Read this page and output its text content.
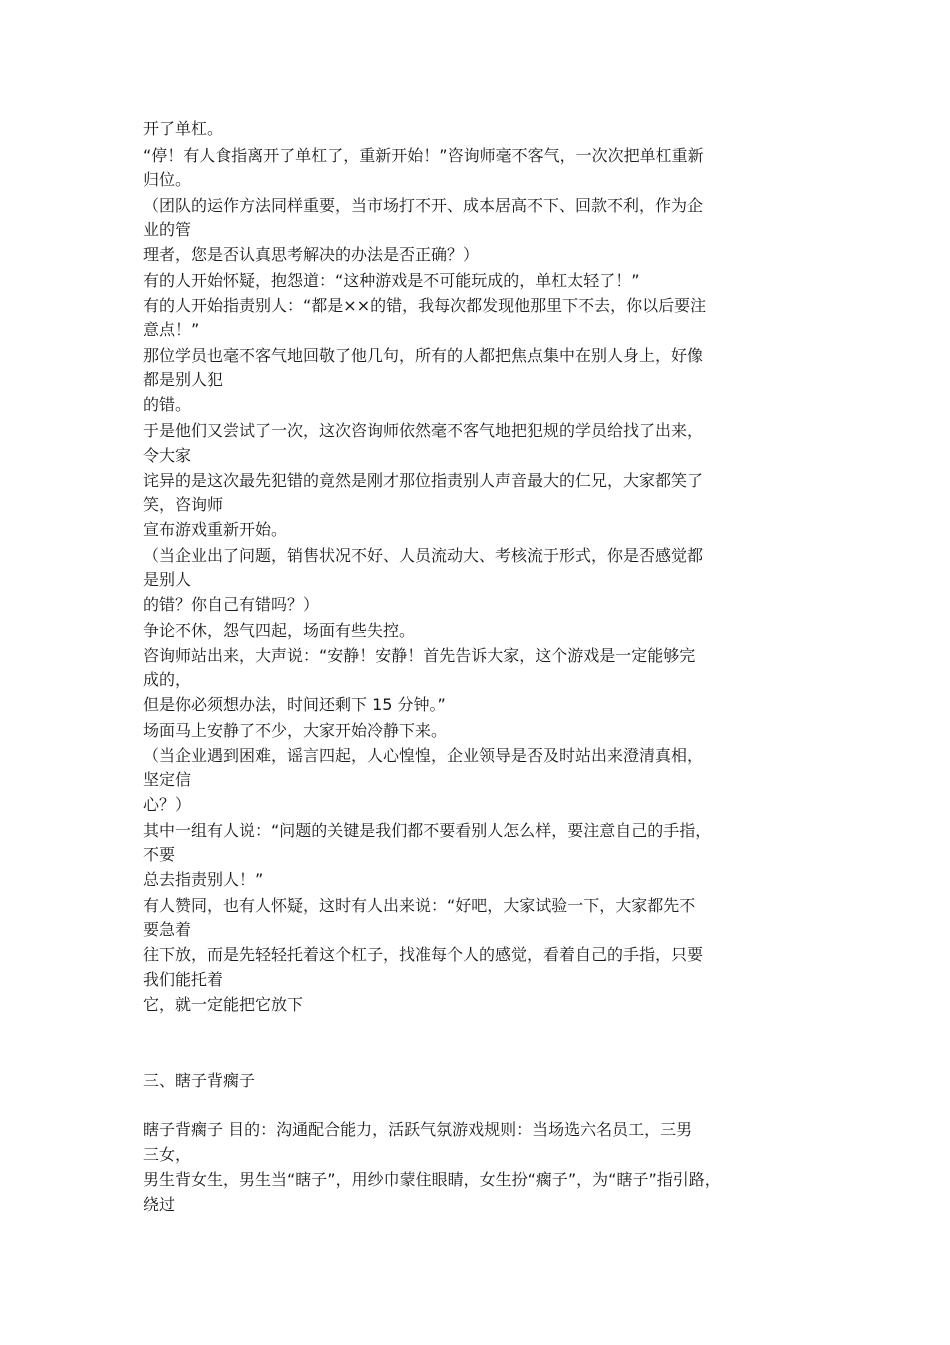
开了单杠。
“停！有人食指离开了单杠了，重新开始！”咨询师毫不客气，一次次把单杠重新
归位。
（团队的运作方法同样重要，当市场打不开、成本居高不下、回款不利，作为企
业的管
理者，您是否认真思考解决的办法是否正确？）
有的人开始怀疑，抱怨道：“这种游戏是不可能玩成的，单杠太轻了！”
有的人开始指责别人：“都是××的错，我每次都发现他那里下不去，你以后要注
意点！”
那位学员也毫不客气地回敬了他几句，所有的人都把焦点集中在别人身上，好像
都是别人犯
的错。
于是他们又尝试了一次，这次咨询师依然毫不客气地把犯规的学员给找了出来，
令大家
诧异的是这次最先犯错的竟然是刚才那位指责别人声音最大的仁兄，大家都笑了
笑，咨询师
宣布游戏重新开始。
（当企业出了问题，销售状况不好、人员流动大、考核流于形式，你是否感觉都
是别人
的错？你自己有错吗？）
争论不休，怨气四起，场面有些失控。
咨询师站出来，大声说：“安静！安静！首先告诉大家，这个游戏是一定能够完
成的，
但是你必须想办法，时间还剩下 15 分钟。”
场面马上安静了不少，大家开始冷静下来。
（当企业遇到困难，谣言四起，人心惶惶，企业领导是否及时站出来澄清真相，
坚定信
心？）
其中一组有人说：“问题的关键是我们都不要看别人怎么样，要注意自己的手指，
不要
总去指责别人！”
有人赞同，也有人怀疑，这时有人出来说：“好吧，大家试验一下，大家都先不
要急着
往下放，而是先轻轻托着这个杠子，找准每个人的感觉，看着自己的手指，只要
我们能托着
它，就一定能把它放下
三、瞎子背瘸子
瞎子背瘸子 目的：沟通配合能力，活跃气氛游戏规则：当场选六名员工，三男
三女，
男生背女生，男生当“瞎子”，用纱巾蒙住眼睛，女生扮“瘸子”，为“瞎子”指引路，
绕过
